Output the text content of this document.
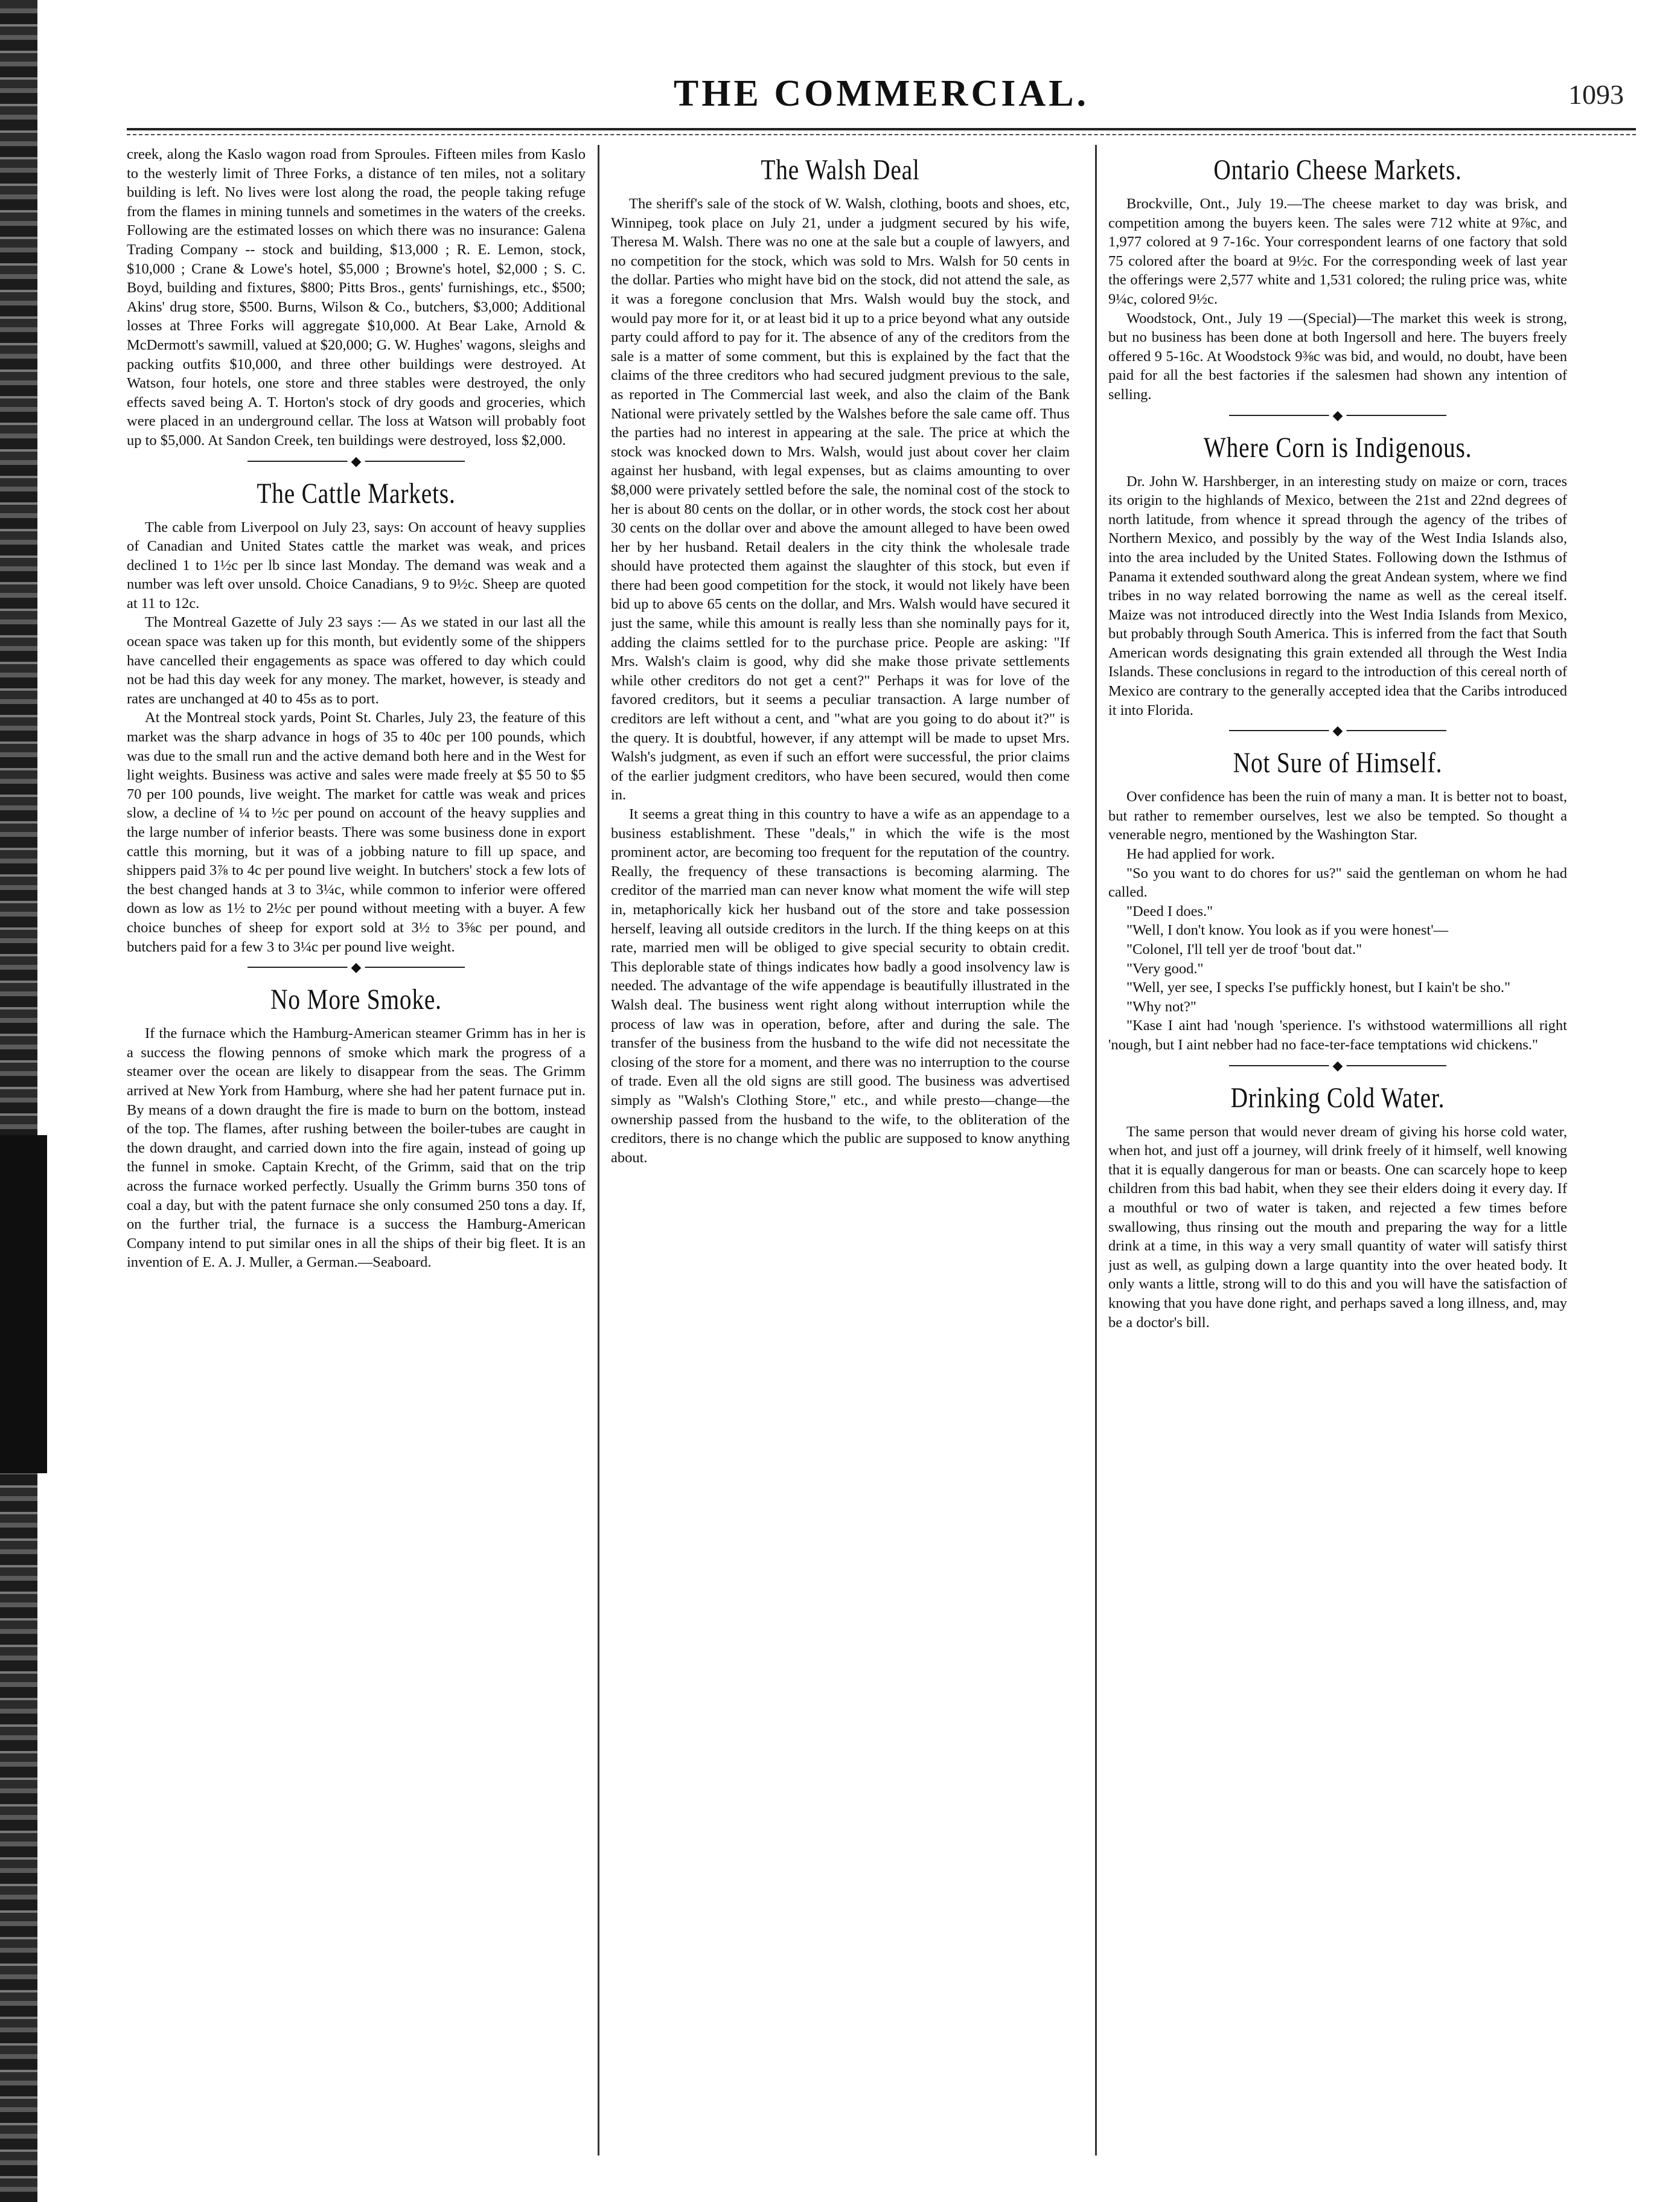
THE COMMERCIAL.	1093

creek, along the Kaslo wagon road from Sproules. Fifteen miles from Kaslo to the westerly limit of Three Forks, a distance of ten miles, not a solitary building is left. No lives were lost along the road, the people taking refuge from the flames in mining tunnels and sometimes in the waters of the creeks. Following are the estimated losses on which there was no insurance: Galena Trading Company -- stock and building, $13,000 ; R. E. Lemon, stock, $10,000 ; Crane & Lowe's hotel, $5,000 ; Browne's hotel, $2,000 ; S. C. Boyd, building and fixtures, $800; Pitts Bros., gents' furnishings, etc., $500; Akins' drug store, $500. Burns, Wilson & Co., butchers, $3,000; Additional losses at Three Forks will aggregate $10,000. At Bear Lake, Arnold & McDermott's sawmill, valued at $20,000; G. W. Hughes' wagons, sleighs and packing outfits $10,000, and three other buildings were destroyed. At Watson, four hotels, one store and three stables were destroyed, the only effects saved being A. T. Horton's stock of dry goods and groceries, which were placed in an underground cellar. The loss at Watson will probably foot up to $5,000. At Sandon Creek, ten buildings were destroyed, loss $2,000.

◆
The Cattle Markets.

The cable from Liverpool on July 23, says: On account of heavy supplies of Canadian and United States cattle the market was weak, and prices declined 1 to 1½c per lb since last Monday. The demand was weak and a number was left over unsold. Choice Canadians, 9 to 9½c. Sheep are quoted at 11 to 12c.

The Montreal Gazette of July 23 says :— As we stated in our last all the ocean space was taken up for this month, but evidently some of the shippers have cancelled their engagements as space was offered to day which could not be had this day week for any money. The market, however, is steady and rates are unchanged at 40 to 45s as to port.

At the Montreal stock yards, Point St. Charles, July 23, the feature of this market was the sharp advance in hogs of 35 to 40c per 100 pounds, which was due to the small run and the active demand both here and in the West for light weights. Business was active and sales were made freely at $5 50 to $5 70 per 100 pounds, live weight. The market for cattle was weak and prices slow, a decline of ¼ to ½c per pound on account of the heavy supplies and the large number of inferior beasts. There was some business done in export cattle this morning, but it was of a jobbing nature to fill up space, and shippers paid 3⅞ to 4c per pound live weight. In butchers' stock a few lots of the best changed hands at 3 to 3¼c, while common to inferior were offered down as low as 1½ to 2½c per pound without meeting with a buyer. A few choice bunches of sheep for export sold at 3½ to 3⅝c per pound, and butchers paid for a few 3 to 3¼c per pound live weight.

◆
No More Smoke.

If the furnace which the Hamburg-American steamer Grimm has in her is a success the flowing pennons of smoke which mark the progress of a steamer over the ocean are likely to disappear from the seas. The Grimm arrived at New York from Hamburg, where she had her patent furnace put in. By means of a down draught the fire is made to burn on the bottom, instead of the top. The flames, after rushing between the boiler-tubes are caught in the down draught, and carried down into the fire again, instead of going up the funnel in smoke. Captain Krecht, of the Grimm, said that on the trip across the furnace worked perfectly. Usually the Grimm burns 350 tons of coal a day, but with the patent furnace she only consumed 250 tons a day. If, on the further trial, the furnace is a success the Hamburg-American Company intend to put similar ones in all the ships of their big fleet. It is an invention of E. A. J. Muller, a German.—Seaboard.

The Walsh Deal

The sheriff's sale of the stock of W. Walsh, clothing, boots and shoes, etc, Winnipeg, took place on July 21, under a judgment secured by his wife, Theresa M. Walsh. There was no one at the sale but a couple of lawyers, and no competition for the stock, which was sold to Mrs. Walsh for 50 cents in the dollar. Parties who might have bid on the stock, did not attend the sale, as it was a foregone conclusion that Mrs. Walsh would buy the stock, and would pay more for it, or at least bid it up to a price beyond what any outside party could afford to pay for it. The absence of any of the creditors from the sale is a matter of some comment, but this is explained by the fact that the claims of the three creditors who had secured judgment previous to the sale, as reported in The Commercial last week, and also the claim of the Bank National were privately settled by the Walshes before the sale came off. Thus the parties had no interest in appearing at the sale. The price at which the stock was knocked down to Mrs. Walsh, would just about cover her claim against her husband, with legal expenses, but as claims amounting to over $8,000 were privately settled before the sale, the nominal cost of the stock to her is about 80 cents on the dollar, or in other words, the stock cost her about 30 cents on the dollar over and above the amount alleged to have been owed her by her husband. Retail dealers in the city think the wholesale trade should have protected them against the slaughter of this stock, but even if there had been good competition for the stock, it would not likely have been bid up to above 65 cents on the dollar, and Mrs. Walsh would have secured it just the same, while this amount is really less than she nominally pays for it, adding the claims settled for to the purchase price. People are asking: "If Mrs. Walsh's claim is good, why did she make those private settlements while other creditors do not get a cent?" Perhaps it was for love of the favored creditors, but it seems a peculiar transaction. A large number of creditors are left without a cent, and "what are you going to do about it?" is the query. It is doubtful, however, if any attempt will be made to upset Mrs. Walsh's judgment, as even if such an effort were successful, the prior claims of the earlier judgment creditors, who have been secured, would then come in.

It seems a great thing in this country to have a wife as an appendage to a business establishment. These "deals," in which the wife is the most prominent actor, are becoming too frequent for the reputation of the country. Really, the frequency of these transactions is becoming alarming. The creditor of the married man can never know what moment the wife will step in, metaphorically kick her husband out of the store and take possession herself, leaving all outside creditors in the lurch. If the thing keeps on at this rate, married men will be obliged to give special security to obtain credit. This deplorable state of things indicates how badly a good insolvency law is needed. The advantage of the wife appendage is beautifully illustrated in the Walsh deal. The business went right along without interruption while the process of law was in operation, before, after and during the sale. The transfer of the business from the husband to the wife did not necessitate the closing of the store for a moment, and there was no interruption to the course of trade. Even all the old signs are still good. The business was advertised simply as "Walsh's Clothing Store," etc., and while presto—change—the ownership passed from the husband to the wife, to the obliteration of the creditors, there is no change which the public are supposed to know anything about.

Ontario Cheese Markets.

Brockville, Ont., July 19.—The cheese market to day was brisk, and competition among the buyers keen. The sales were 712 white at 9⅞c, and 1,977 colored at 9 7-16c. Your correspondent learns of one factory that sold 75 colored after the board at 9½c. For the corresponding week of last year the offerings were 2,577 white and 1,531 colored; the ruling price was, white 9¼c, colored 9½c.

Woodstock, Ont., July 19 —(Special)—The market this week is strong, but no business has been done at both Ingersoll and here. The buyers freely offered 9 5-16c. At Woodstock 9⅜c was bid, and would, no doubt, have been paid for all the best factories if the salesmen had shown any intention of selling.

◆
Where Corn is Indigenous.

Dr. John W. Harshberger, in an interesting study on maize or corn, traces its origin to the highlands of Mexico, between the 21st and 22nd degrees of north latitude, from whence it spread through the agency of the tribes of Northern Mexico, and possibly by the way of the West India Islands also, into the area included by the United States. Following down the Isthmus of Panama it extended southward along the great Andean system, where we find tribes in no way related borrowing the name as well as the cereal itself. Maize was not introduced directly into the West India Islands from Mexico, but probably through South America. This is inferred from the fact that South American words designating this grain extended all through the West India Islands. These conclusions in regard to the introduction of this cereal north of Mexico are contrary to the generally accepted idea that the Caribs introduced it into Florida.

◆
Not Sure of Himself.

Over confidence has been the ruin of many a man. It is better not to boast, but rather to remember ourselves, lest we also be tempted. So thought a venerable negro, mentioned by the Washington Star.

He had applied for work.

"So you want to do chores for us?" said the gentleman on whom he had called.

"Deed I does."

"Well, I don't know. You look as if you were honest'—

"Colonel, I'll tell yer de troof 'bout dat."

"Very good."

"Well, yer see, I specks I'se puffickly honest, but I kain't be sho."

"Why not?"

"Kase I aint had 'nough 'sperience. I's withstood watermillions all right 'nough, but I aint nebber had no face-ter-face temptations wid chickens."

◆
Drinking Cold Water.

The same person that would never dream of giving his horse cold water, when hot, and just off a journey, will drink freely of it himself, well knowing that it is equally dangerous for man or beasts. One can scarcely hope to keep children from this bad habit, when they see their elders doing it every day. If a mouthful or two of water is taken, and rejected a few times before swallowing, thus rinsing out the mouth and preparing the way for a little drink at a time, in this way a very small quantity of water will satisfy thirst just as well, as gulping down a large quantity into the over heated body. It only wants a little, strong will to do this and you will have the satisfaction of knowing that you have done right, and perhaps saved a long illness, and, may be a doctor's bill.
